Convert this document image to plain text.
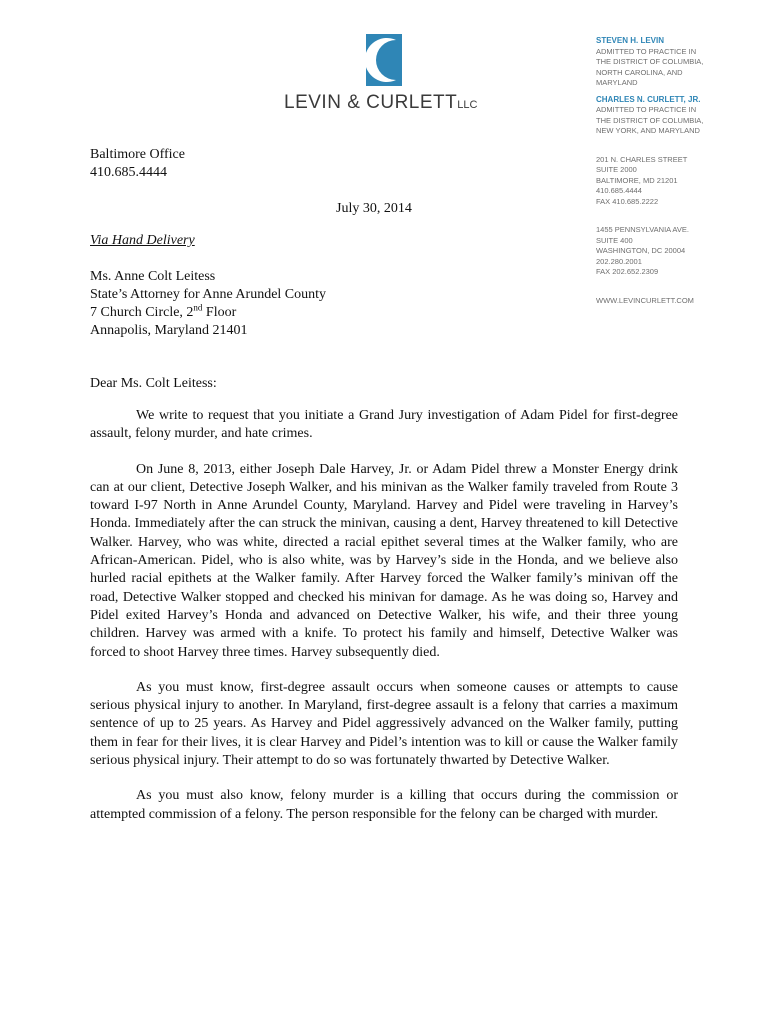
LEVIN & CURLETTLLC
STEVEN H. LEVIN
ADMITTED TO PRACTICE IN
THE DISTRICT OF COLUMBIA,
NORTH CAROLINA, AND
MARYLAND
CHARLES N. CURLETT, JR.
ADMITTED TO PRACTICE IN
THE DISTRICT OF COLUMBIA,
NEW YORK, AND MARYLAND
201 N. CHARLES STREET
SUITE 2000
BALTIMORE, MD 21201
410.685.4444
FAX 410.685.2222
1455 PENNSYLVANIA AVE.
SUITE 400
WASHINGTON, DC 20004
202.280.2001
FAX 202.652.2309
WWW.LEVINCURLETT.COM
Baltimore Office
410.685.4444
July 30, 2014
Via Hand Delivery
Ms. Anne Colt Leitess
State’s Attorney for Anne Arundel County
7 Church Circle, 2nd Floor
Annapolis, Maryland 21401
Dear Ms. Colt Leitess:

We write to request that you initiate a Grand Jury investigation of Adam Pidel for first-degree assault, felony murder, and hate crimes.

On June 8, 2013, either Joseph Dale Harvey, Jr. or Adam Pidel threw a Monster Energy drink can at our client, Detective Joseph Walker, and his minivan as the Walker family traveled from Route 3 toward I-97 North in Anne Arundel County, Maryland. Harvey and Pidel were traveling in Harvey’s Honda. Immediately after the can struck the minivan, causing a dent, Harvey threatened to kill Detective Walker. Harvey, who was white, directed a racial epithet several times at the Walker family, who are African-American. Pidel, who is also white, was by Harvey’s side in the Honda, and we believe also hurled racial epithets at the Walker family. After Harvey forced the Walker family’s minivan off the road, Detective Walker stopped and checked his minivan for damage. As he was doing so, Harvey and Pidel exited Harvey’s Honda and advanced on Detective Walker, his wife, and their three young children. Harvey was armed with a knife. To protect his family and himself, Detective Walker was forced to shoot Harvey three times. Harvey subsequently died.

As you must know, first-degree assault occurs when someone causes or attempts to cause serious physical injury to another. In Maryland, first-degree assault is a felony that carries a maximum sentence of up to 25 years. As Harvey and Pidel aggressively advanced on the Walker family, putting them in fear for their lives, it is clear Harvey and Pidel’s intention was to kill or cause the Walker family serious physical injury. Their attempt to do so was fortunately thwarted by Detective Walker.

As you must also know, felony murder is a killing that occurs during the commission or attempted commission of a felony. The person responsible for the felony can be charged with murder.
